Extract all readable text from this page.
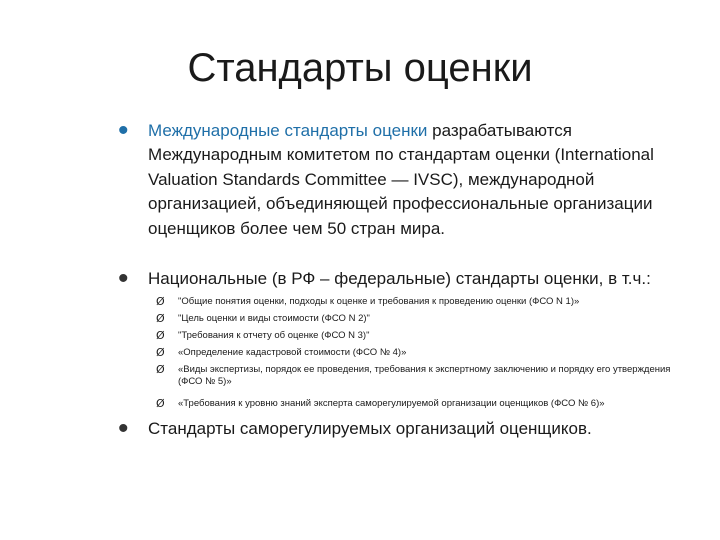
Стандарты оценки
• Международные стандарты оценки разрабатываются Международным комитетом по стандартам оценки (International Valuation Standards Committee — IVSC), международной организацией, объединяющей профессиональные организации оценщиков более чем 50 стран мира.

• Национальные (в РФ – федеральные) стандарты оценки, в т.ч.:

Ø "Общие понятия оценки, подходы к оценке и требования к проведению оценки (ФСО N 1)»
Ø "Цель оценки и виды стоимости (ФСО N 2)"
Ø "Требования к отчету об оценке (ФСО N 3)"
Ø «Определение кадастровой стоимости (ФСО № 4)»
Ø «Виды экспертизы, порядок ее проведения, требования к экспертному заключению и порядку его утверждения (ФСО № 5)»
Ø «Требования к уровню знаний эксперта саморегулируемой организации оценщиков (ФСО № 6)»
• Стандарты саморегулируемых организаций оценщиков.
